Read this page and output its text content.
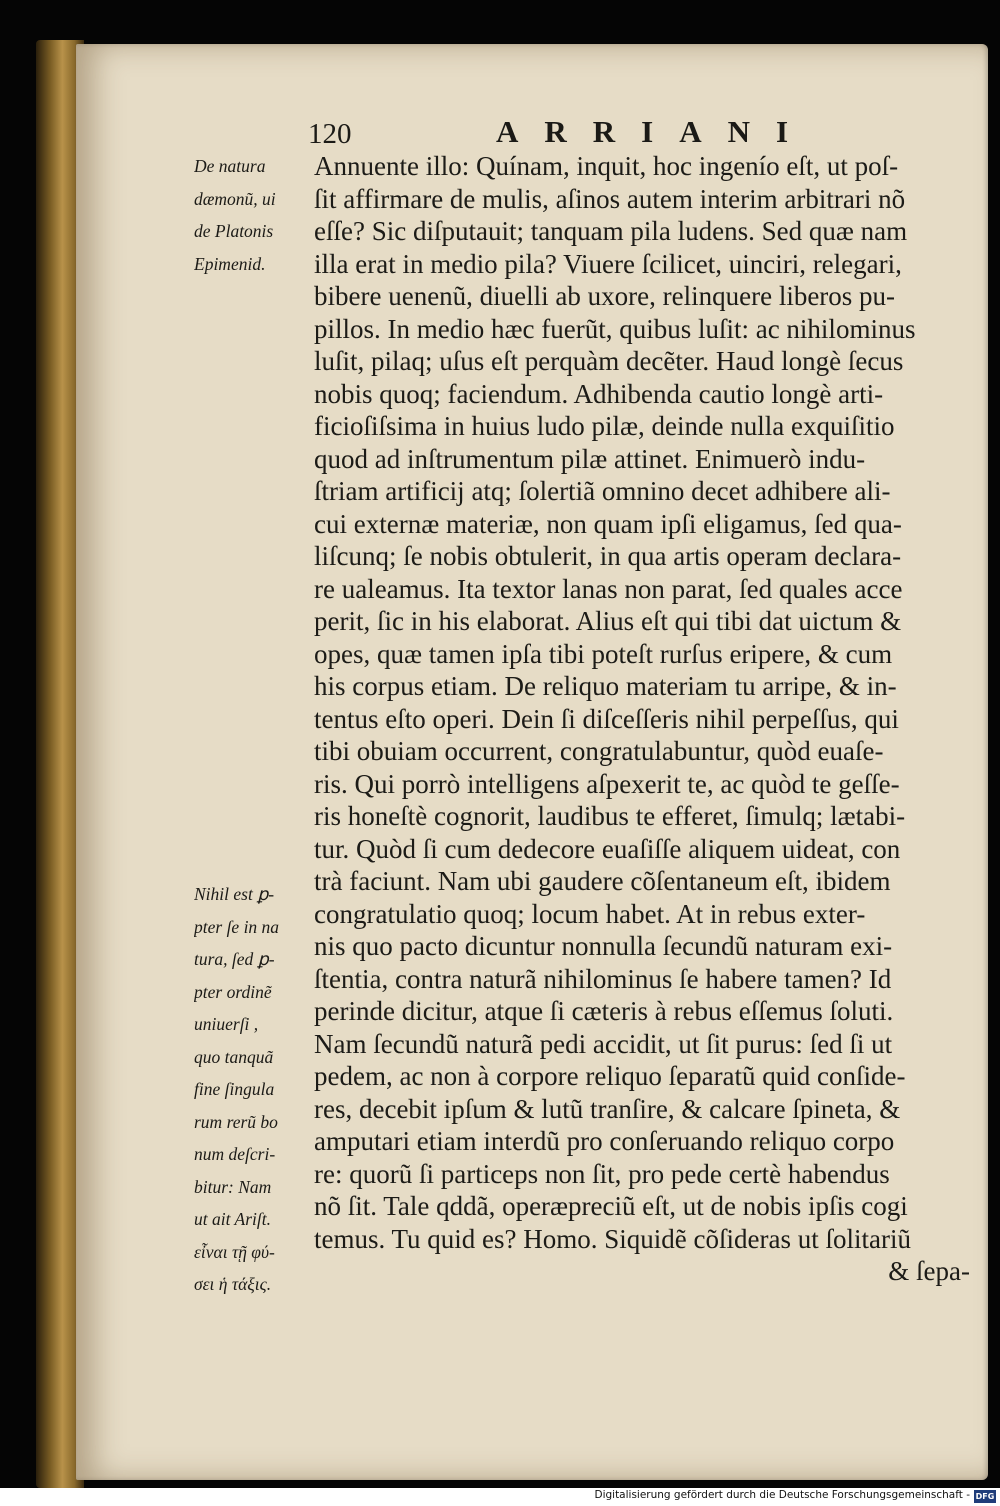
120	ARRIANI
De natura
dæmonũ, ui
de Platonis
Epimenid.
Nihil est ꝑ-
pter ſe in na
tura, ſed ꝑ-
pter ordinẽ
uniuerſi ,
quo tanquã
fine ſingula
rum rerũ bo
num deſcri-
bitur: Nam
ut ait Ariſt.
εἶναι τῇ φύ-
σει ἡ τάξις.
Annuente illo: Quínam, inquit, hoc ingenío eſt, ut poſ-
ſit affirmare de mulis, aſinos autem interim arbitrari nõ
eſſe? Sic diſputauit; tanquam pila ludens. Sed quæ nam
illa erat in medio pila? Viuere ſcilicet, uinciri, relegari,
bibere uenenũ, diuelli ab uxore, relinquere liberos pu-
pillos. In medio hæc fuerũt, quibus luſit: ac nihilominus
luſit, pilaq; uſus eſt perquàm decẽter. Haud longè ſecus
nobis quoq; faciendum. Adhibenda cautio longè arti-
ficioſiſsima in huius ludo pilæ, deinde nulla exquiſitio
quod ad inſtrumentum pilæ attinet. Enimuerò indu-
ſtriam artificij atq; ſolertiã omnino decet adhibere ali-
cui externæ materiæ, non quam ipſi eligamus, ſed qua-
liſcunq; ſe nobis obtulerit, in qua artis operam declara-
re ualeamus. Ita textor lanas non parat, ſed quales acce
perit, ſic in his elaborat. Alius eſt qui tibi dat uictum &
opes, quæ tamen ipſa tibi poteſt rurſus eripere, & cum
his corpus etiam. De reliquo materiam tu arripe, & in-
tentus eſto operi. Dein ſi diſceſſeris nihil perpeſſus, qui
tibi obuiam occurrent, congratulabuntur, quòd euaſe-
ris. Qui porrò intelligens aſpexerit te, ac quòd te geſſe-
ris honeſtè cognorit, laudibus te efferet, ſimulq; lætabi-
tur. Quòd ſi cum dedecore euaſiſſe aliquem uideat, con
trà faciunt. Nam ubi gaudere cõſentaneum eſt, ibidem
congratulatio quoq; locum habet. At in rebus exter-
nis quo pacto dicuntur nonnulla ſecundũ naturam exi-
ſtentia, contra naturã nihilominus ſe habere tamen? Id
perinde dicitur, atque ſi cæteris à rebus eſſemus ſoluti.
Nam ſecundũ naturã pedi accidit, ut ſit purus: ſed ſi ut
pedem, ac non à corpore reliquo ſeparatũ quid conſide-
res, decebit ipſum & lutũ tranſire, & calcare ſpineta, &
amputari etiam interdũ pro conſeruando reliquo corpo
re: quorũ ſi particeps non ſit, pro pede certè habendus
nõ ſit. Tale qddã, operæpreciũ eſt, ut de nobis ipſis cogi
temus. Tu quid es? Homo. Siquidẽ cõſideras ut ſolitariũ
& ſepa-
Digitalisierung gefördert durch die Deutsche Forschungsgemeinschaft - DFG
